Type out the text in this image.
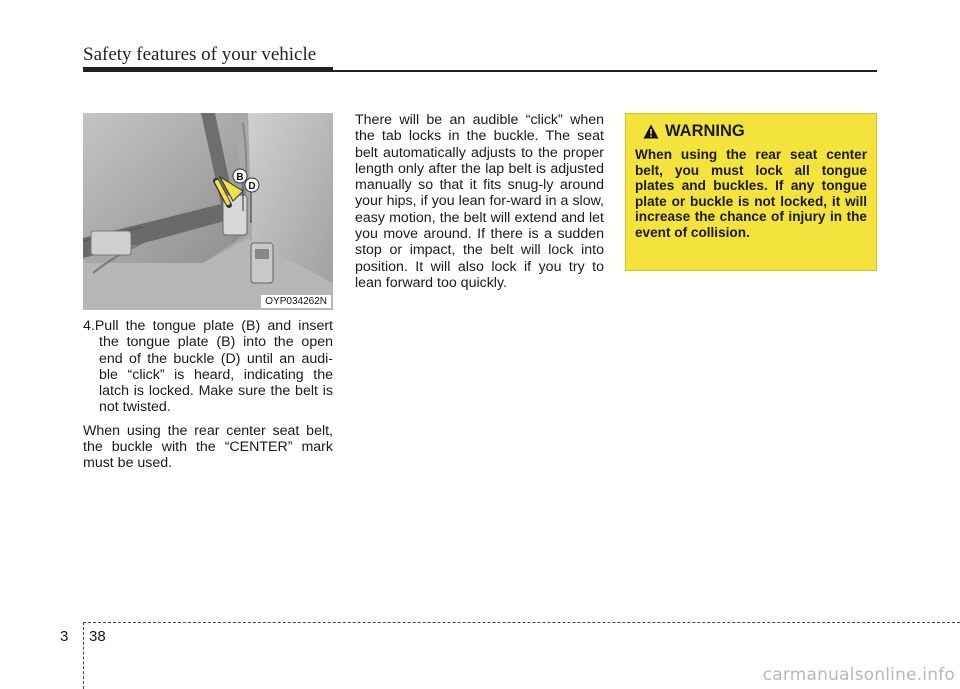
Safety features of your vehicle
B
D
OYP034262N

4.Pull the tongue plate (B) and insert the tongue plate (B) into the open end of the buckle (D) until an audi-ble “click” is heard, indicating the latch is locked. Make sure the belt is not twisted.

When using the rear center seat belt, the buckle with the “CENTER” mark must be used.

There will be an audible “click” when the tab locks in the buckle. The seat belt automatically adjusts to the proper length only after the lap belt is adjusted manually so that it fits snug-ly around your hips, if you lean for-ward in a slow, easy motion, the belt will extend and let you move around. If there is a sudden stop or impact, the belt will lock into position. It will also lock if you try to lean forward too quickly.

WARNING
When using the rear seat center belt, you must lock all tongue plates and buckles. If any tongue plate or buckle is not locked, it will increase the chance of injury in the event of collision.
3 38
carmanualsonline.info
